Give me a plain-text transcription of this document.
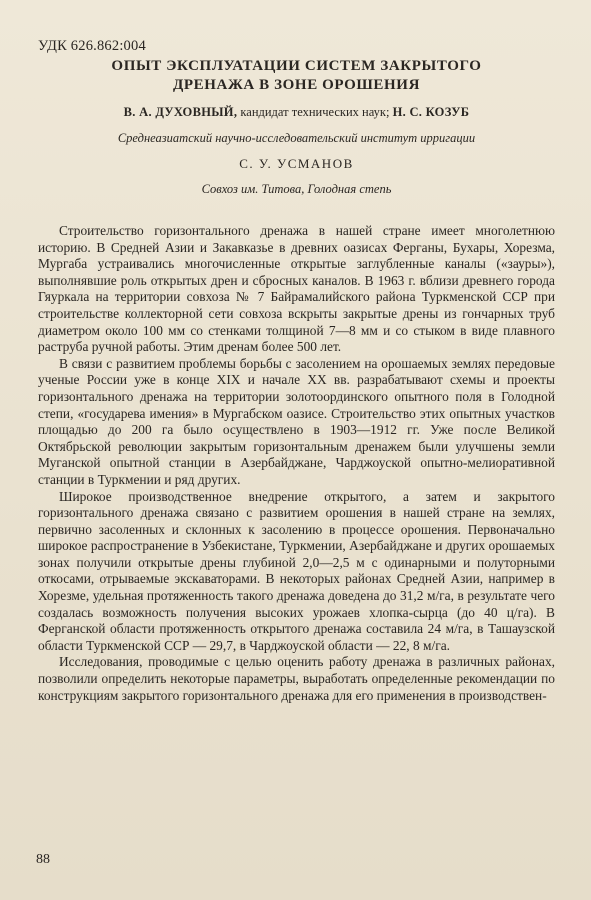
УДК 626.862:004
ОПЫТ ЭКСПЛУАТАЦИИ СИСТЕМ ЗАКРЫТОГО
ДРЕНАЖА В ЗОНЕ ОРОШЕНИЯ
В. А. ДУХОВНЫЙ, кандидат технических наук; Н. С. КОЗУБ
Среднеазиатский научно-исследовательский институт ирригации
С. У. УСМАНОВ
Совхоз им. Титова, Голодная степь

Строительство горизонтального дренажа в нашей стране имеет многолетнюю историю. В Средней Азии и Закавказье в древних оазисах Ферганы, Бухары, Хорезма, Мургаба устраивались многочисленные открытые заглубленные каналы («зауры»), выполнявшие роль открытых дрен и сбросных каналов. В 1963 г. вблизи древнего города Гяуркала на территории совхоза № 7 Байрамалийского района Туркменской ССР при строительстве коллекторной сети совхоза вскрыты закрытые дрены из гончарных труб диаметром около 100 мм со стенками толщиной 7—8 мм и со стыком в виде плавного раструба ручной работы. Этим дренам более 500 лет.

В связи с развитием проблемы борьбы с засолением на орошаемых землях передовые ученые России уже в конце XIX и начале XX вв. разрабатывают схемы и проекты горизонтального дренажа на территории золотоординского опытного поля в Голодной степи, «государева имения» в Мургабском оазисе. Строительство этих опытных участков площадью до 200 га было осуществлено в 1903—1912 гг. Уже после Великой Октябрьской революции закрытым горизонтальным дренажем были улучшены земли Муганской опытной станции в Азербайджане, Чарджоуской опытно-мелиоративной станции в Туркмении и ряд других.

Широкое производственное внедрение открытого, а затем и закрытого горизонтального дренажа связано с развитием орошения в нашей стране на землях, первично засоленных и склонных к засолению в процессе орошения. Первоначально широкое распространение в Узбекистане, Туркмении, Азербайджане и других орошаемых зонах получили открытые дрены глубиной 2,0—2,5 м с одинарными и полуторными откосами, отрываемые экскаваторами. В некоторых районах Средней Азии, например в Хорезме, удельная протяженность такого дренажа доведена до 31,2 м/га, в результате чего создалась возможность получения высоких урожаев хлопка-сырца (до 40 ц/га). В Ферганской области протяженность открытого дренажа составила 24 м/га, в Ташаузской области Туркменской ССР — 29,7, в Чарджоуской области — 22, 8 м/га.

Исследования, проводимые с целью оценить работу дренажа в различных районах, позволили определить некоторые параметры, выработать определенные рекомендации по конструкциям закрытого горизонтального дренажа для его применения в производствен-

88
